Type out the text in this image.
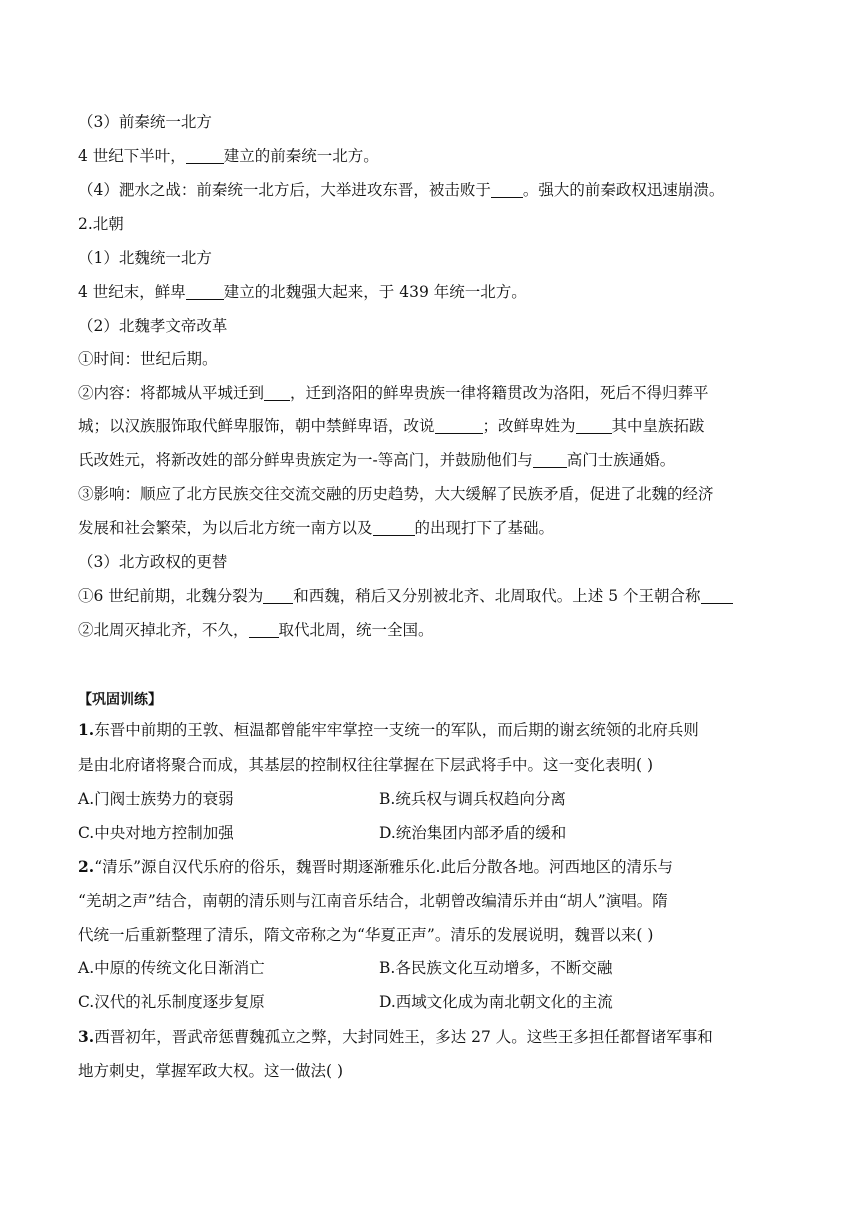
（3）前秦统一北方
4 世纪下半叶， 建立的前秦统一北方。
（4）淝水之战：前秦统一北方后，大举进攻东晋，被击败于 。强大的前秦政权迅速崩溃。
2.北朝
（1）北魏统一北方
4 世纪末，鲜卑 建立的北魏强大起来，于 439 年统一北方。
（2）北魏孝文帝改革
①时间：世纪后期。
②内容：将都城从平城迁到 ，迁到洛阳的鲜卑贵族一律将籍贯改为洛阳，死后不得归葬平
城；以汉族服饰取代鲜卑服饰，朝中禁鲜卑语，改说	；改鲜卑姓为 其中皇族拓跋
氏改姓元，将新改姓的部分鲜卑贵族定为一-等高门，并鼓励他们与 高门士族通婚。
③影响：顺应了北方民族交往交流交融的历史趋势，大大缓解了民族矛盾，促进了北魏的经济
发展和社会繁荣，为以后北方统一南方以及	的出现打下了基础。
（3）北方政权的更替
①6 世纪前期，北魏分裂为 和西魏，稍后又分别被北齐、北周取代。上述 5 个王朝合称
②北周灭掉北齐，不久， 取代北周，统一全国。
【巩固训练】
1.东晋中前期的王敦、桓温都曾能牢牢掌控一支统一的军队，而后期的谢玄统领的北府兵则
是由北府诸将聚合而成，其基层的控制权往往掌握在下层武将手中。这一变化表明( )
A.门阀士族势力的衰弱	B.统兵权与调兵权趋向分离
C.中央对地方控制加强	D.统治集团内部矛盾的缓和
2.“清乐”源自汉代乐府的俗乐，魏晋时期逐渐雅乐化.此后分散各地。河西地区的清乐与
“羌胡之声”结合，南朝的清乐则与江南音乐结合，北朝曾改编清乐并由“胡人”演唱。隋
代统一后重新整理了清乐，隋文帝称之为“华夏正声”。清乐的发展说明，魏晋以来( )
A.中原的传统文化日渐消亡	B.各民族文化互动增多，不断交融
C.汉代的礼乐制度逐步复原	D.西域文化成为南北朝文化的主流
3.西晋初年，晋武帝惩曹魏孤立之弊，大封同姓王，多达 27 人。这些王多担任都督诸军事和
地方刺史，掌握军政大权。这一做法( )
